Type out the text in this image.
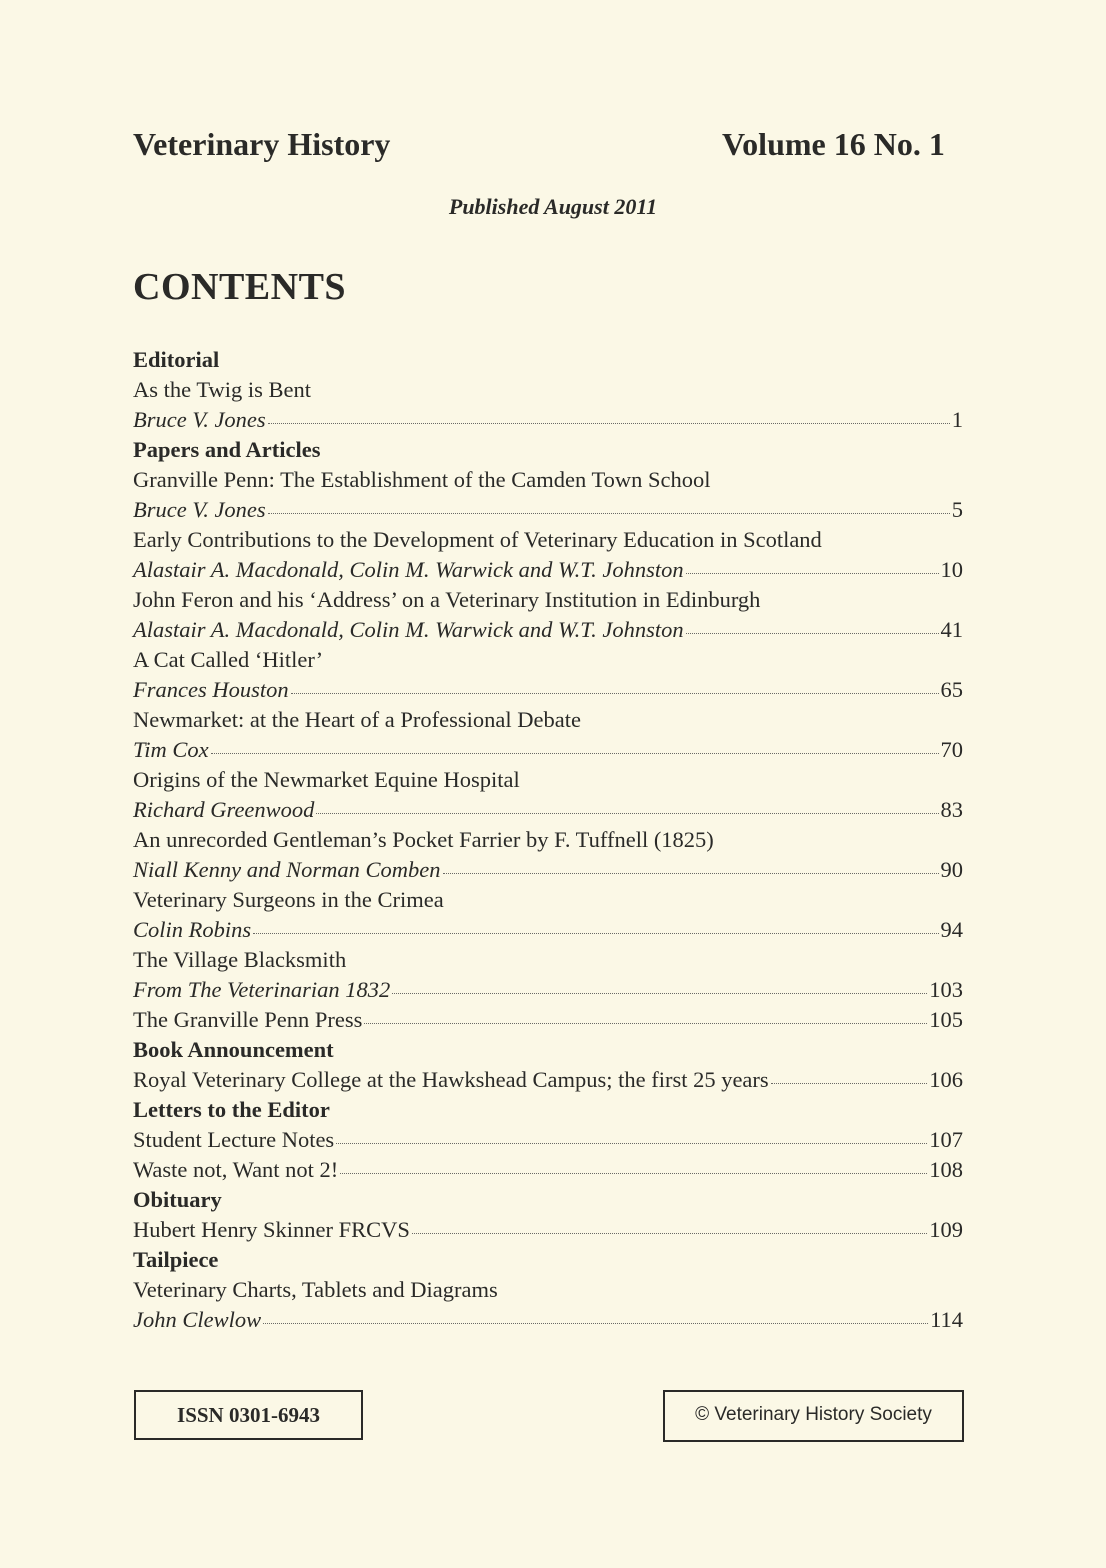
Veterinary History	Volume 16 No. 1
Published August 2011
CONTENTS
Editorial
As the Twig is Bent
Bruce V. Jones	1
Papers and Articles
Granville Penn: The Establishment of the Camden Town School
Bruce V. Jones	5
Early Contributions to the Development of Veterinary Education in Scotland
Alastair A. Macdonald, Colin M. Warwick and W.T. Johnston	10
John Feron and his ‘Address’ on a Veterinary Institution in Edinburgh
Alastair A. Macdonald, Colin M. Warwick and W.T. Johnston	41
A Cat Called ‘Hitler’
Frances Houston	65
Newmarket: at the Heart of a Professional Debate
Tim Cox	70
Origins of the Newmarket Equine Hospital
Richard Greenwood	83
An unrecorded Gentleman’s Pocket Farrier by F. Tuffnell (1825)
Niall Kenny and Norman Comben	90
Veterinary Surgeons in the Crimea
Colin Robins	94
The Village Blacksmith
From The Veterinarian 1832	103
The Granville Penn Press	105
Book Announcement
Royal Veterinary College at the Hawkshead Campus; the first 25 years	106
Letters to the Editor
Student Lecture Notes	107
Waste not, Want not 2!	108
Obituary
Hubert Henry Skinner FRCVS	109
Tailpiece
Veterinary Charts, Tablets and Diagrams
John Clewlow	114
ISSN 0301-6943	© Veterinary History Society
